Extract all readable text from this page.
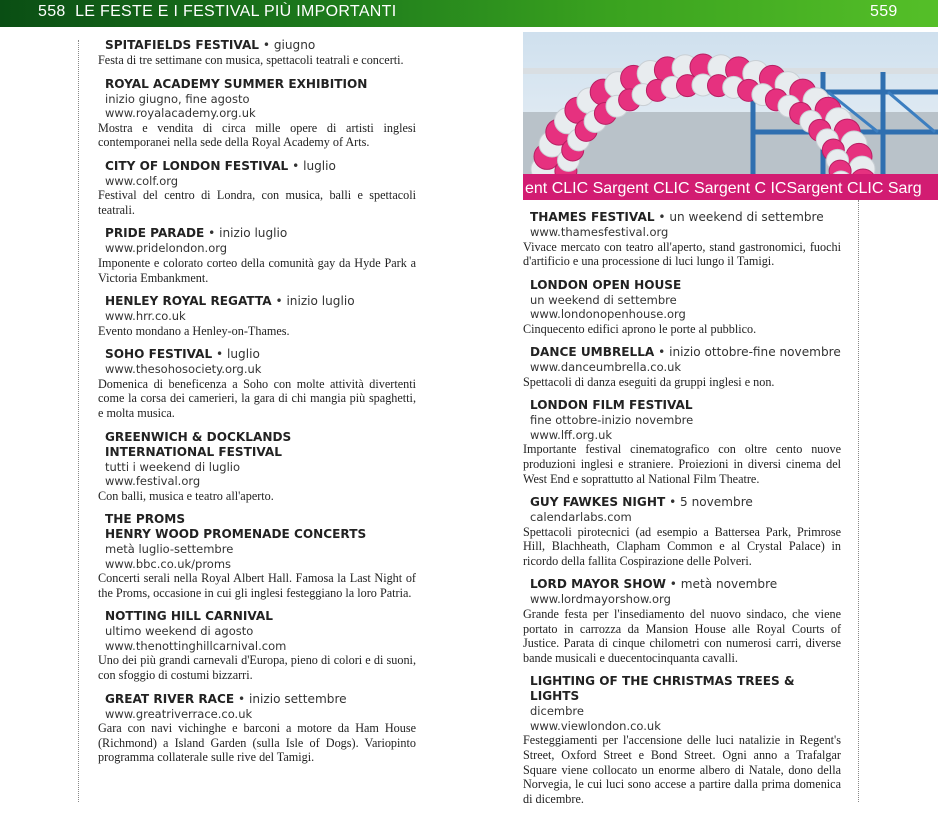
558  LE FESTE E I FESTIVAL PIÙ IMPORTANTI	559
ent CLIC Sargent CLIC Sargent C ICSargent CLIC Sarg
SPITAFIELDS FESTIVAL • giugno
Festa di tre settimane con musica, spettacoli teatrali e concerti.
ROYAL ACADEMY SUMMER EXHIBITION
inizio giugno, fine agosto
www.royalacademy.org.uk
Mostra e vendita di circa mille opere di artisti inglesi contemporanei nella sede della Royal Academy of Arts.
CITY OF LONDON FESTIVAL • luglio
www.colf.org
Festival del centro di Londra, con musica, balli e spettacoli teatrali.
PRIDE PARADE • inizio luglio
www.pridelondon.org
Imponente e colorato corteo della comunità gay da Hyde Park a Victoria Embankment.
HENLEY ROYAL REGATTA • inizio luglio
www.hrr.co.uk
Evento mondano a Henley-on-Thames.
SOHO FESTIVAL • luglio
www.thesohosociety.org.uk
Domenica di beneficenza a Soho con molte attività divertenti come la corsa dei camerieri, la gara di chi mangia più spaghetti, e molta musica.
GREENWICH & DOCKLANDS
INTERNATIONAL FESTIVAL
tutti i weekend di luglio
www.festival.org
Con balli, musica e teatro all'aperto.
THE PROMS
HENRY WOOD PROMENADE CONCERTS
metà luglio-settembre
www.bbc.co.uk/proms
Concerti serali nella Royal Albert Hall. Famosa la Last Night of the Proms, occasione in cui gli inglesi festeggiano la loro Patria.
NOTTING HILL CARNIVAL
ultimo weekend di agosto
www.thenottinghillcarnival.com
Uno dei più grandi carnevali d'Europa, pieno di colori e di suoni, con sfoggio di costumi bizzarri.
GREAT RIVER RACE • inizio settembre
www.greatriverrace.co.uk
Gara con navi vichinghe e barconi a motore da Ham House (Richmond) a Island Garden (sulla Isle of Dogs). Variopinto programma collaterale sulle rive del Tamigi.
THAMES FESTIVAL • un weekend di settembre
www.thamesfestival.org
Vivace mercato con teatro all'aperto, stand gastronomici, fuochi d'artificio e una processione di luci lungo il Tamigi.
LONDON OPEN HOUSE
un weekend di settembre
www.londonopenhouse.org
Cinquecento edifici aprono le porte al pubblico.
DANCE UMBRELLA • inizio ottobre-fine novembre
www.danceumbrella.co.uk
Spettacoli di danza eseguiti da gruppi inglesi e non.
LONDON FILM FESTIVAL
fine ottobre-inizio novembre
www.lff.org.uk
Importante festival cinematografico con oltre cento nuove produzioni inglesi e straniere. Proiezioni in diversi cinema del West End e soprattutto al National Film Theatre.
GUY FAWKES NIGHT • 5 novembre
calendarlabs.com
Spettacoli pirotecnici (ad esempio a Battersea Park, Primrose Hill, Blachheath, Clapham Common e al Crystal Palace) in ricordo della fallita Cospirazione delle Polveri.
LORD MAYOR SHOW • metà novembre
www.lordmayorshow.org
Grande festa per l'insediamento del nuovo sindaco, che viene portato in carrozza da Mansion House alle Royal Courts of Justice. Parata di cinque chilometri con numerosi carri, diverse bande musicali e duecentocinquanta cavalli.
LIGHTING OF THE CHRISTMAS TREES & LIGHTS
dicembre
www.viewlondon.co.uk
Festeggiamenti per l'accensione delle luci natalizie in Regent's Street, Oxford Street e Bond Street. Ogni anno a Trafalgar Square viene collocato un enorme albero di Natale, dono della Norvegia, le cui luci sono accese a partire dalla prima domenica di dicembre.
